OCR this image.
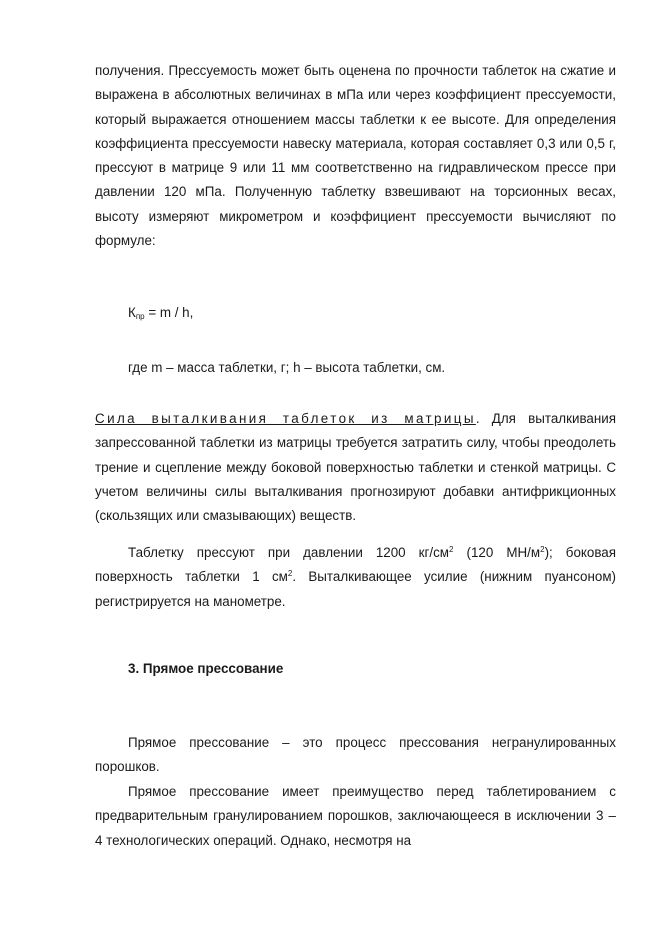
получения. Прессуемость может быть оценена по прочности таблеток на сжатие и выражена в абсолютных величинах в мПа или через коэффициент прессуемости, который выражается отношением массы таблетки к ее высоте. Для определения коэффициента прессуемости навеску материала, которая составляет 0,3 или 0,5 г, прессуют в матрице 9 или 11 мм соответственно на гидравлическом прессе при давлении 120 мПа. Полученную таблетку взвешивают на торсионных весах, высоту измеряют микрометром и коэффициент прессуемости вычисляют по формуле:

$К_{пр} = m / h$,

где m – масса таблетки, г; h – высота таблетки, см.

Сила выталкивания таблеток из матрицы. Для выталкивания запрессованной таблетки из матрицы требуется затратить силу, чтобы преодолеть трение и сцепление между боковой поверхностью таблетки и стенкой матрицы. С учетом величины силы выталкивания прогнозируют добавки антифрикционных (скользящих или смазывающих) веществ.

Таблетку прессуют при давлении 1200 $кг/см^2$ (120 $МН/м^2$); боковая поверхность таблетки 1 $см^2$. Выталкивающее усилие (нижним пуансоном) регистрируется на манометре.

3. Прямое прессование

Прямое прессование – это процесс прессования негранулированных порошков.

Прямое прессование имеет преимущество перед таблетированием с предварительным гранулированием порошков, заключающееся в исключении 3 – 4 технологических операций. Однако, несмотря на
